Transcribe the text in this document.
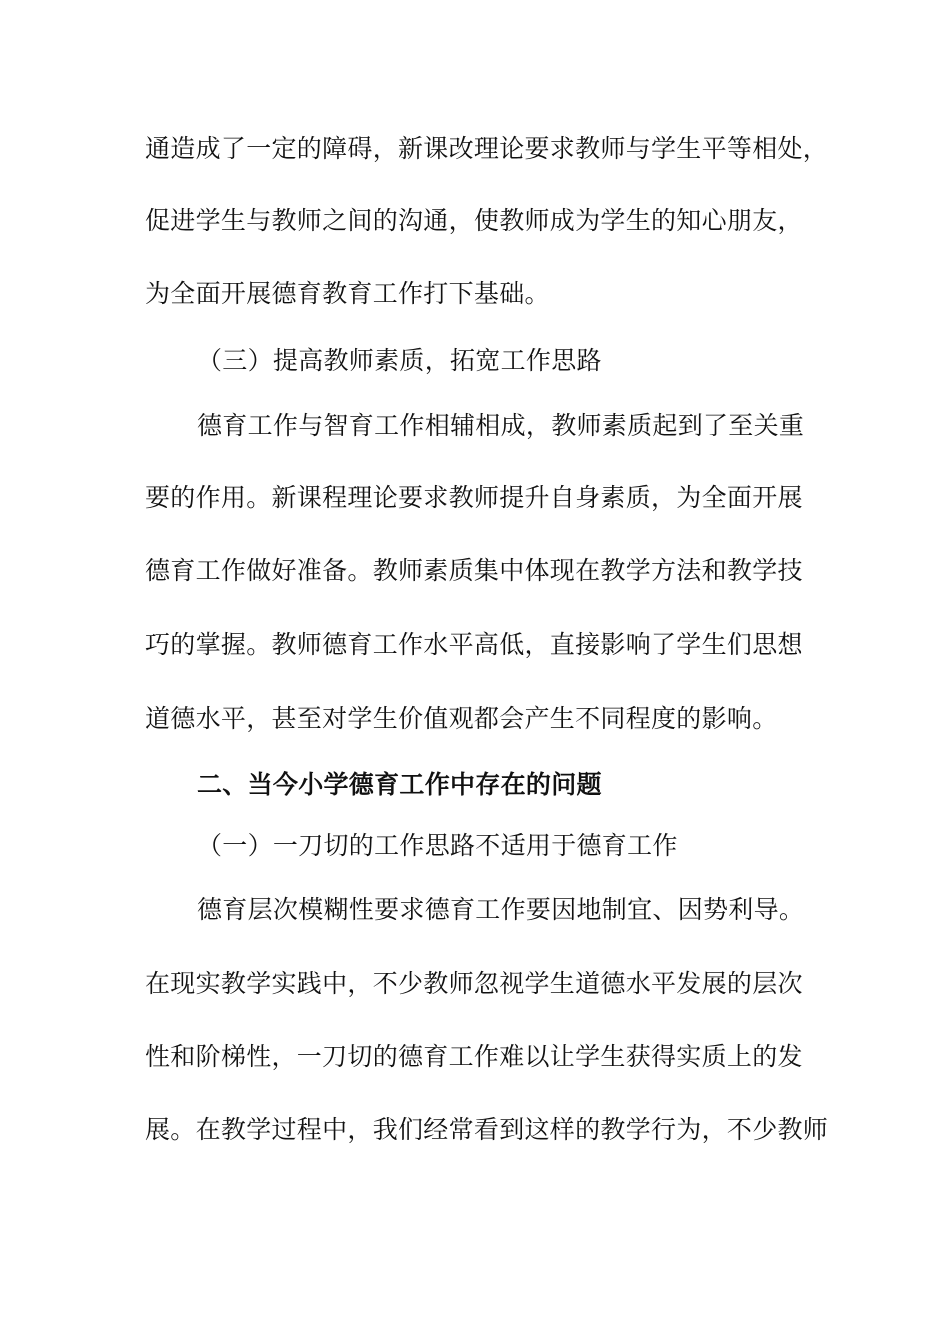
通造成了一定的障碍，新课改理论要求教师与学生平等相处，
促进学生与教师之间的沟通，使教师成为学生的知心朋友，
为全面开展德育教育工作打下基础。
（三）提高教师素质，拓宽工作思路
德育工作与智育工作相辅相成，教师素质起到了至关重
要的作用。新课程理论要求教师提升自身素质，为全面开展
德育工作做好准备。教师素质集中体现在教学方法和教学技
巧的掌握。教师德育工作水平高低，直接影响了学生们思想
道德水平，甚至对学生价值观都会产生不同程度的影响。
二、当今小学德育工作中存在的问题
（一）一刀切的工作思路不适用于德育工作
德育层次模糊性要求德育工作要因地制宜、因势利导。
在现实教学实践中，不少教师忽视学生道德水平发展的层次
性和阶梯性，一刀切的德育工作难以让学生获得实质上的发
展。在教学过程中，我们经常看到这样的教学行为，不少教师
